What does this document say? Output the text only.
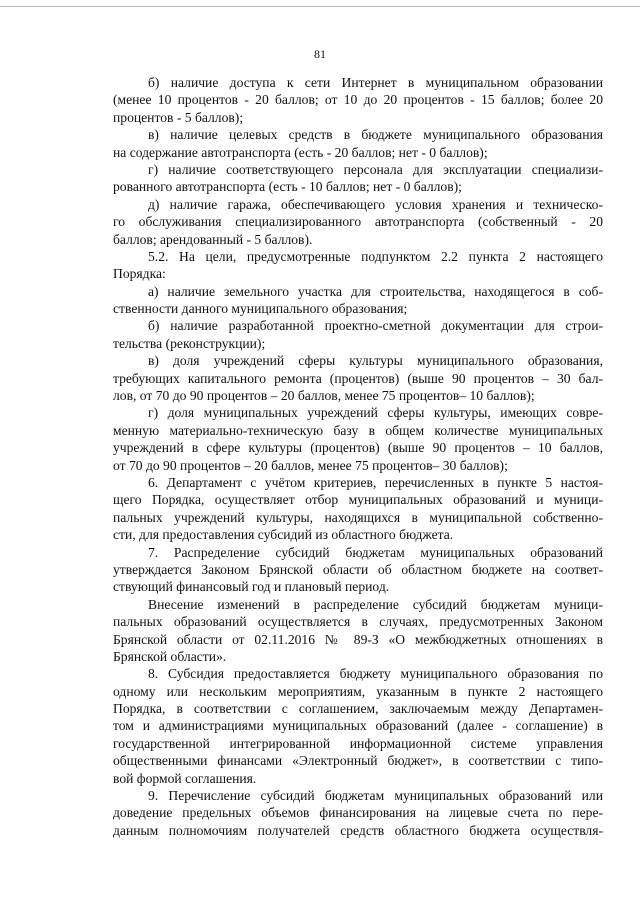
81
б) наличие доступа к сети Интернет в муниципальном образовании
(менее 10 процентов - 20 баллов; от 10 до 20 процентов - 15 баллов; более 20
процентов - 5 баллов);
в) наличие целевых средств в бюджете муниципального образования
на содержание автотранспорта (есть - 20 баллов; нет - 0 баллов);
г) наличие соответствующего персонала для эксплуатации специализи-
рованного автотранспорта (есть - 10 баллов; нет - 0 баллов);
д) наличие гаража, обеспечивающего условия хранения и техническо-
го обслуживания специализированного автотранспорта (собственный - 20
баллов; арендованный - 5 баллов).
5.2. На цели, предусмотренные подпунктом 2.2 пункта 2 настоящего
Порядка:
а) наличие земельного участка для строительства, находящегося в соб-
ственности данного муниципального образования;
б) наличие разработанной проектно-сметной документации для строи-
тельства (реконструкции);
в) доля учреждений сферы культуры муниципального образования,
требующих капитального ремонта (процентов) (выше 90 процентов – 30 бал-
лов, от 70 до 90 процентов – 20 баллов, менее 75 процентов– 10 баллов);
г) доля муниципальных учреждений сферы культуры, имеющих совре-
менную материально-техническую базу в общем количестве муниципальных
учреждений в сфере культуры (процентов) (выше 90 процентов – 10 баллов,
от 70 до 90 процентов – 20 баллов, менее 75 процентов– 30 баллов);
6. Департамент с учётом критериев, перечисленных в пункте 5 настоя-
щего Порядка, осуществляет отбор муниципальных образований и муници-
пальных учреждений культуры, находящихся в муниципальной собственно-
сти, для предоставления субсидий из областного бюджета.
7. Распределение субсидий бюджетам муниципальных образований
утверждается Законом Брянской области об областном бюджете на соответ-
ствующий финансовый год и плановый период.
Внесение изменений в распределение субсидий бюджетам муници-
пальных образований осуществляется в случаях, предусмотренных Законом
Брянской области от 02.11.2016 № 89-З «О межбюджетных отношениях в
Брянской области».
8. Субсидия предоставляется бюджету муниципального образования по
одному или нескольким мероприятиям, указанным в пункте 2 настоящего
Порядка, в соответствии с соглашением, заключаемым между Департамен-
том и администрациями муниципальных образований (далее - соглашение) в
государственной интегрированной информационной системе управления
общественными финансами «Электронный бюджет», в соответствии с типо-
вой формой соглашения.
9. Перечисление субсидий бюджетам муниципальных образований или
доведение предельных объемов финансирования на лицевые счета по пере-
данным полномочиям получателей средств областного бюджета осуществля-
